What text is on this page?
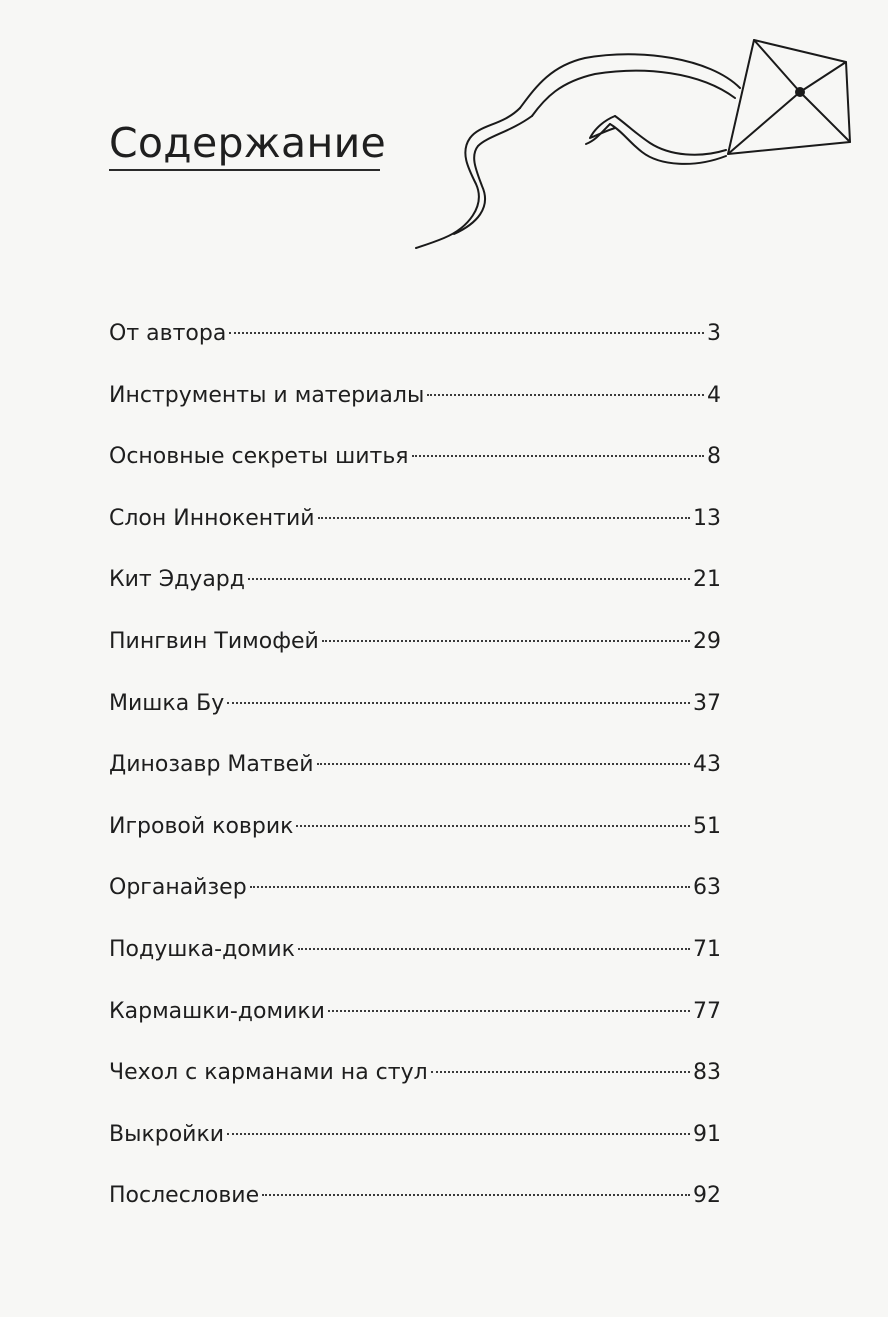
Содержание
От автора	3
Инструменты и материалы	4
Основные секреты шитья	8
Слон Иннокентий	13
Кит Эдуард	21
Пингвин Тимофей	29
Мишка Бу	37
Динозавр Матвей	43
Игровой коврик	51
Органайзер	63
Подушка-домик	71
Кармашки-домики	77
Чехол с карманами на стул	83
Выкройки	91
Послесловие	92
